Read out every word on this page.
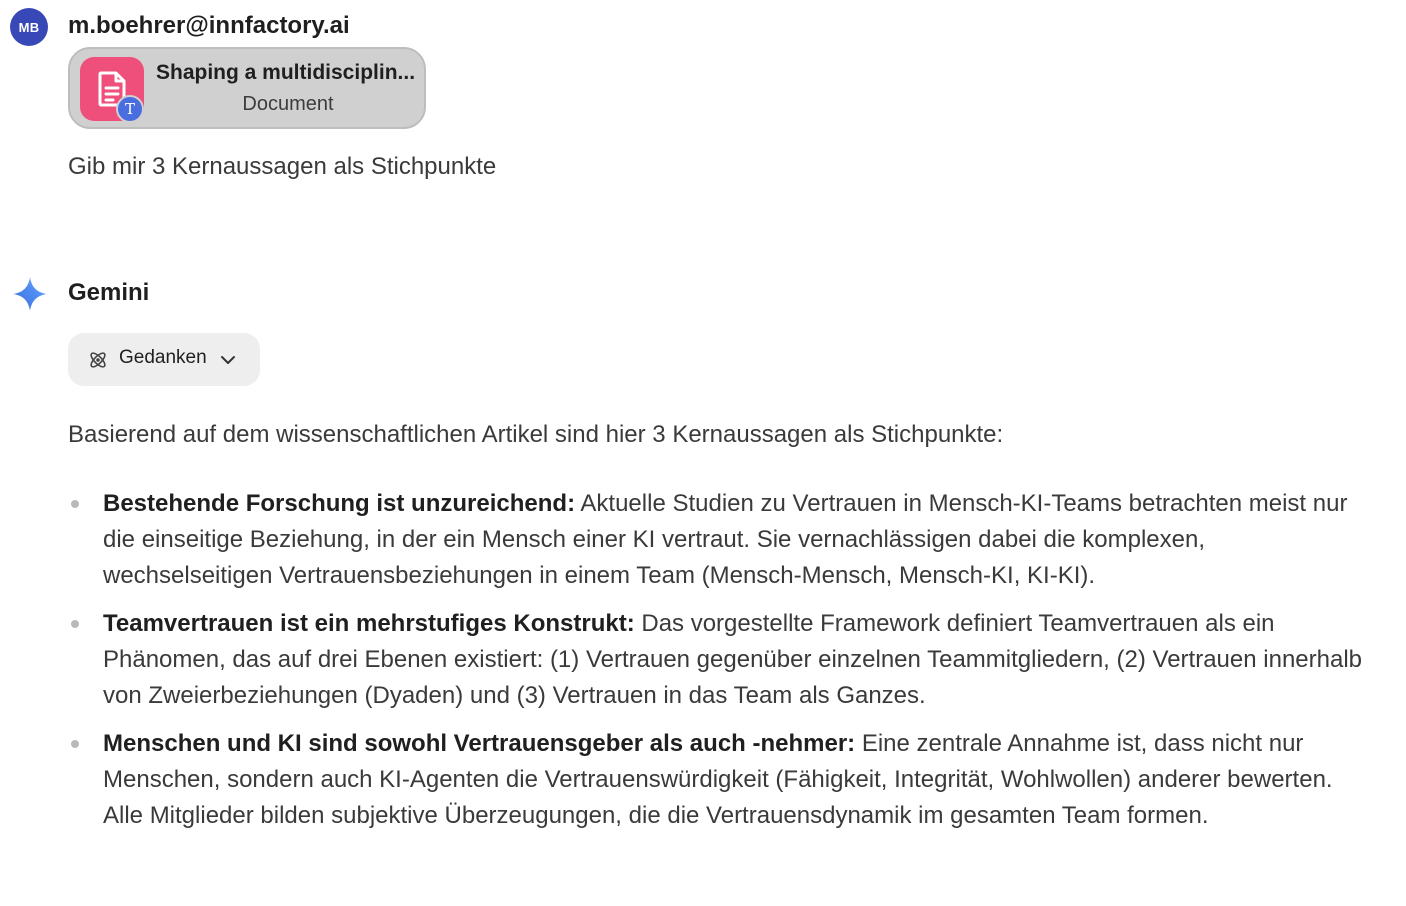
MB	m.boehrer@innfactory.ai
T
Shaping a multidisciplin...
Document
Gib mir 3 Kernaussagen als Stichpunkte
Gemini
Gedanken
Basierend auf dem wissenschaftlichen Artikel sind hier 3 Kernaussagen als Stichpunkte:
Bestehende Forschung ist unzureichend: Aktuelle Studien zu Vertrauen in Mensch-KI-Teams betrachten meist nur die einseitige Beziehung, in der ein Mensch einer KI vertraut. Sie vernachlässigen dabei die komplexen, wechselseitigen Vertrauensbeziehungen in einem Team (Mensch-Mensch, Mensch-KI, KI-KI).
Teamvertrauen ist ein mehrstufiges Konstrukt: Das vorgestellte Framework definiert Teamvertrauen als ein Phänomen, das auf drei Ebenen existiert: (1) Vertrauen gegenüber einzelnen Teammitgliedern, (2) Vertrauen innerhalb von Zweierbeziehungen (Dyaden) und (3) Vertrauen in das Team als Ganzes.
Menschen und KI sind sowohl Vertrauensgeber als auch -nehmer: Eine zentrale Annahme ist, dass nicht nur Menschen, sondern auch KI-Agenten die Vertrauenswürdigkeit (Fähigkeit, Integrität, Wohlwollen) anderer bewerten. Alle Mitglieder bilden subjektive Überzeugungen, die die Vertrauensdynamik im gesamten Team formen.
